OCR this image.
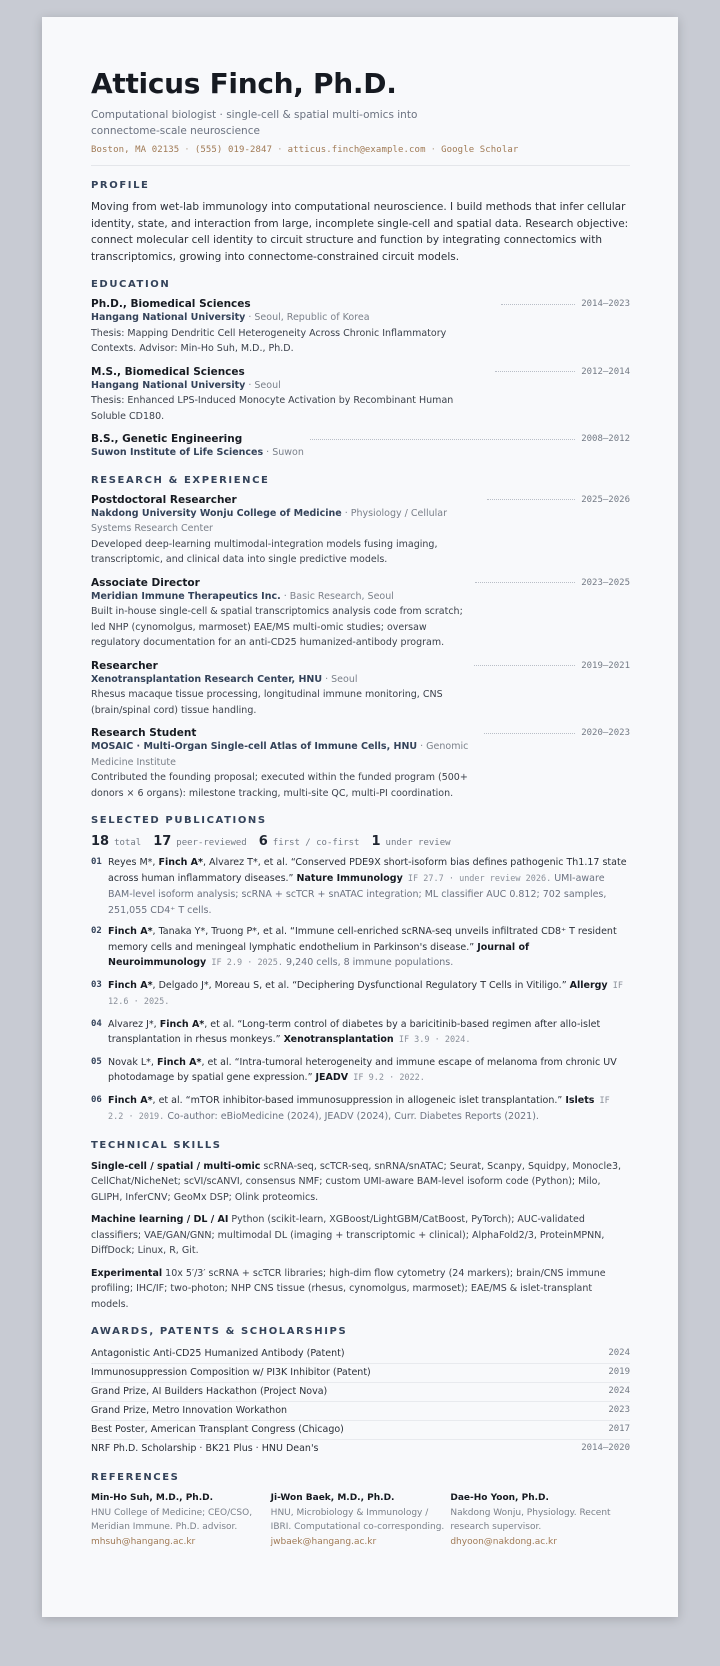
Atticus Finch, Ph.D.
Computational biologist · single-cell & spatial multi-omics into connectome-scale neuroscience
Boston, MA 02135 · (555) 019-2847 · atticus.finch@example.com · Google Scholar
PROFILE
Moving from wet-lab immunology into computational neuroscience. I build methods that infer cellular identity, state, and interaction from large, incomplete single-cell and spatial data. Research objective: connect molecular cell identity to circuit structure and function by integrating connectomics with transcriptomics, growing into connectome-constrained circuit models.
EDUCATION
Ph.D., Biomedical Sciences	2014–2023
Hangang National University · Seoul, Republic of Korea
Thesis: Mapping Dendritic Cell Heterogeneity Across Chronic Inflammatory Contexts. Advisor: Min-Ho Suh, M.D., Ph.D.
M.S., Biomedical Sciences	2012–2014
Hangang National University · Seoul
Thesis: Enhanced LPS-Induced Monocyte Activation by Recombinant Human Soluble CD180.
B.S., Genetic Engineering	2008–2012
Suwon Institute of Life Sciences · Suwon
RESEARCH & EXPERIENCE
Postdoctoral Researcher	2025–2026
Nakdong University Wonju College of Medicine · Physiology / Cellular Systems Research Center
Developed deep-learning multimodal-integration models fusing imaging, transcriptomic, and clinical data into single predictive models.
Associate Director	2023–2025
Meridian Immune Therapeutics Inc. · Basic Research, Seoul
Built in-house single-cell & spatial transcriptomics analysis code from scratch; led NHP (cynomolgus, marmoset) EAE/MS multi-omic studies; oversaw regulatory documentation for an anti-CD25 humanized-antibody program.
Researcher	2019–2021
Xenotransplantation Research Center, HNU · Seoul
Rhesus macaque tissue processing, longitudinal immune monitoring, CNS (brain/spinal cord) tissue handling.
Research Student	2020–2023
MOSAIC · Multi-Organ Single-cell Atlas of Immune Cells, HNU · Genomic Medicine Institute
Contributed the founding proposal; executed within the funded program (500+ donors × 6 organs): milestone tracking, multi-site QC, multi-PI coordination.
SELECTED PUBLICATIONS
18 total 17 peer-reviewed 6 first / co-first 1 under review
01 Reyes M*, Finch A*, Alvarez T*, et al. “Conserved PDE9X short-isoform bias defines pathogenic Th1.17 state across human inflammatory diseases.” Nature Immunology IF 27.7 · under review 2026. UMI-aware BAM-level isoform analysis; scRNA + scTCR + snATAC integration; ML classifier AUC 0.812; 702 samples, 251,055 CD4⁺ T cells.
02 Finch A*, Tanaka Y*, Truong P*, et al. “Immune cell-enriched scRNA-seq unveils infiltrated CD8⁺ T resident memory cells and meningeal lymphatic endothelium in Parkinson's disease.” Journal of Neuroimmunology IF 2.9 · 2025. 9,240 cells, 8 immune populations.
03 Finch A*, Delgado J*, Moreau S, et al. “Deciphering Dysfunctional Regulatory T Cells in Vitiligo.” Allergy IF 12.6 · 2025.
04 Alvarez J*, Finch A*, et al. “Long-term control of diabetes by a baricitinib-based regimen after allo-islet transplantation in rhesus monkeys.” Xenotransplantation IF 3.9 · 2024.
05 Novak L*, Finch A*, et al. “Intra-tumoral heterogeneity and immune escape of melanoma from chronic UV photodamage by spatial gene expression.” JEADV IF 9.2 · 2022.
06 Finch A*, et al. “mTOR inhibitor-based immunosuppression in allogeneic islet transplantation.” Islets IF 2.2 · 2019. Co-author: eBioMedicine (2024), JEADV (2024), Curr. Diabetes Reports (2021).
TECHNICAL SKILLS
Single-cell / spatial / multi-omic scRNA-seq, scTCR-seq, snRNA/snATAC; Seurat, Scanpy, Squidpy, Monocle3, CellChat/NicheNet; scVI/scANVI, consensus NMF; custom UMI-aware BAM-level isoform code (Python); Milo, GLIPH, InferCNV; GeoMx DSP; Olink proteomics.
Machine learning / DL / AI Python (scikit-learn, XGBoost/LightGBM/CatBoost, PyTorch); AUC-validated classifiers; VAE/GAN/GNN; multimodal DL (imaging + transcriptomic + clinical); AlphaFold2/3, ProteinMPNN, DiffDock; Linux, R, Git.
Experimental 10x 5′/3′ scRNA + scTCR libraries; high-dim flow cytometry (24 markers); brain/CNS immune profiling; IHC/IF; two-photon; NHP CNS tissue (rhesus, cynomolgus, marmoset); EAE/MS & islet-transplant models.
AWARDS, PATENTS & SCHOLARSHIPS
Antagonistic Anti-CD25 Humanized Antibody (Patent)	2024
Immunosuppression Composition w/ PI3K Inhibitor (Patent)	2019
Grand Prize, AI Builders Hackathon (Project Nova)	2024
Grand Prize, Metro Innovation Workathon	2023
Best Poster, American Transplant Congress (Chicago)	2017
NRF Ph.D. Scholarship · BK21 Plus · HNU Dean's	2014–2020
REFERENCES
Min-Ho Suh, M.D., Ph.D.
HNU College of Medicine; CEO/CSO, Meridian Immune. Ph.D. advisor.
mhsuh@hangang.ac.kr
Ji-Won Baek, M.D., Ph.D.
HNU, Microbiology & Immunology / IBRI. Computational co-corresponding.
jwbaek@hangang.ac.kr
Dae-Ho Yoon, Ph.D.
Nakdong Wonju, Physiology. Recent research supervisor.
dhyoon@nakdong.ac.kr
